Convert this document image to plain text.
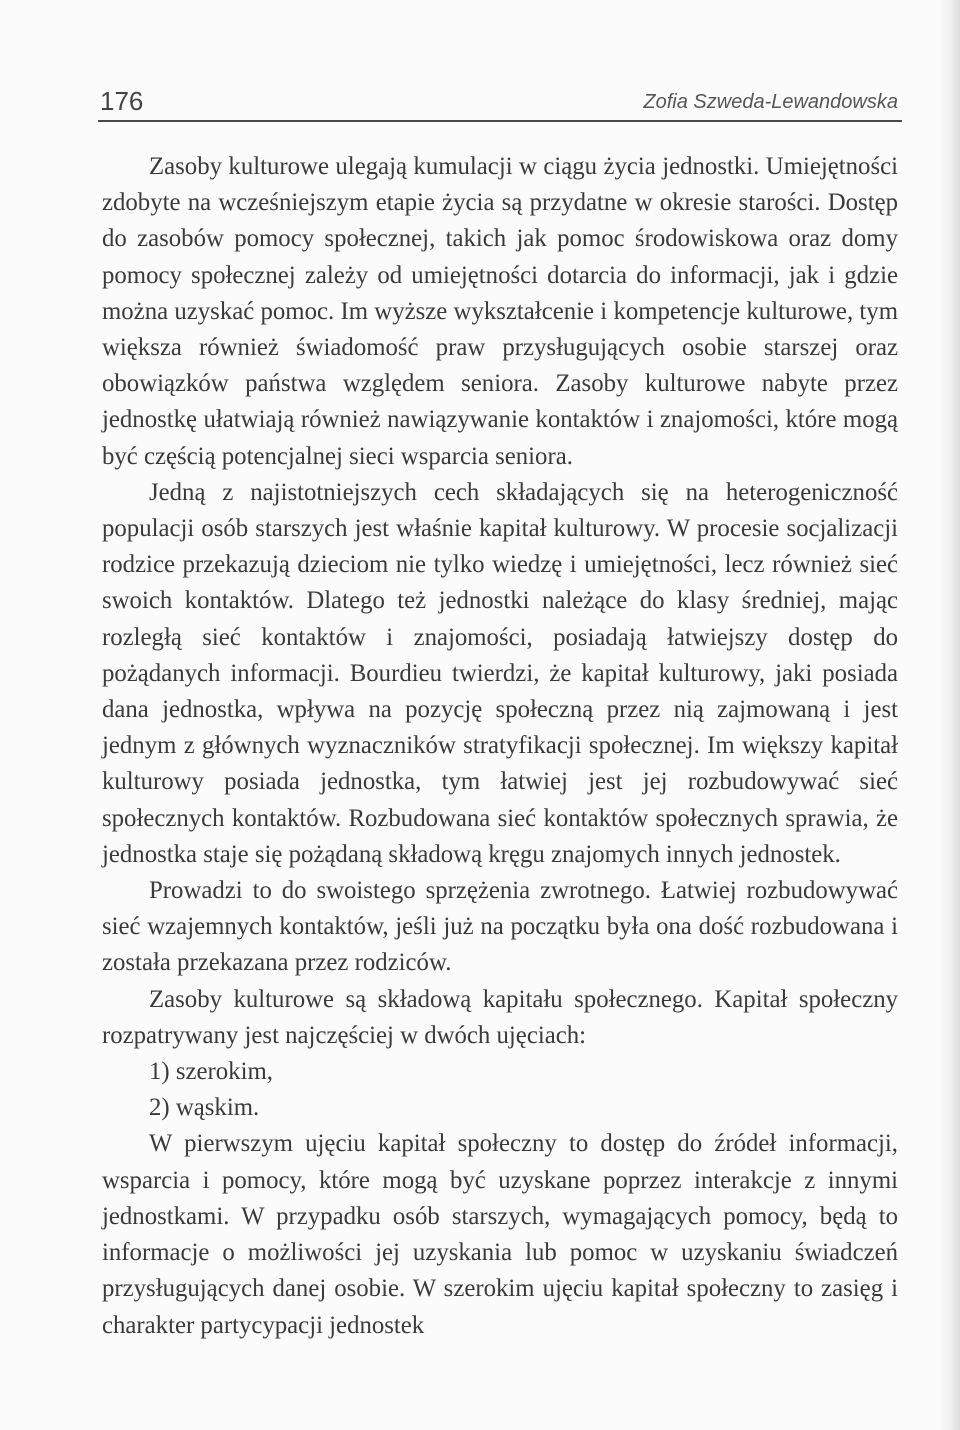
176	Zofia Szweda-Lewandowska

Zasoby kulturowe ulegają kumulacji w ciągu życia jednostki. Umiejętności zdobyte na wcześniejszym etapie życia są przydatne w okresie starości. Dostęp do zasobów pomocy społecznej, takich jak pomoc środowiskowa oraz domy pomocy społecznej zależy od umiejętności dotarcia do informacji, jak i gdzie można uzyskać pomoc. Im wyższe wykształcenie i kompetencje kulturowe, tym większa również świadomość praw przysługujących osobie starszej oraz obowiązków państwa względem seniora. Zasoby kulturowe nabyte przez jednostkę ułatwiają również nawiązywanie kontaktów i znajomości, które mogą być częścią potencjalnej sieci wsparcia seniora.

Jedną z najistotniejszych cech składających się na heterogeniczność populacji osób starszych jest właśnie kapitał kulturowy. W procesie socjalizacji rodzice przekazują dzieciom nie tylko wiedzę i umiejętności, lecz również sieć swoich kontaktów. Dlatego też jednostki należące do klasy średniej, mając rozległą sieć kontaktów i znajomości, posiadają łatwiejszy dostęp do pożądanych informacji. Bourdieu twierdzi, że kapitał kulturowy, jaki posiada dana jednostka, wpływa na pozycję społeczną przez nią zajmowaną i jest jednym z głównych wyznaczników stratyfikacji społecznej. Im większy kapitał kulturowy posiada jednostka, tym łatwiej jest jej rozbudowywać sieć społecznych kontaktów. Rozbudowana sieć kontaktów społecznych sprawia, że jednostka staje się pożądaną składową kręgu znajomych innych jednostek.

Prowadzi to do swoistego sprzężenia zwrotnego. Łatwiej rozbudowywać sieć wzajemnych kontaktów, jeśli już na początku była ona dość rozbudowana i została przekazana przez rodziców.

Zasoby kulturowe są składową kapitału społecznego. Kapitał społeczny rozpatrywany jest najczęściej w dwóch ujęciach:

1) szerokim,

2) wąskim.

W pierwszym ujęciu kapitał społeczny to dostęp do źródeł informacji, wsparcia i pomocy, które mogą być uzyskane poprzez interakcje z innymi jednostkami. W przypadku osób starszych, wymagających pomocy, będą to informacje o możliwości jej uzyskania lub pomoc w uzyskaniu świadczeń przysługujących danej osobie. W szerokim ujęciu kapitał społeczny to zasięg i charakter partycypacji jednostek
